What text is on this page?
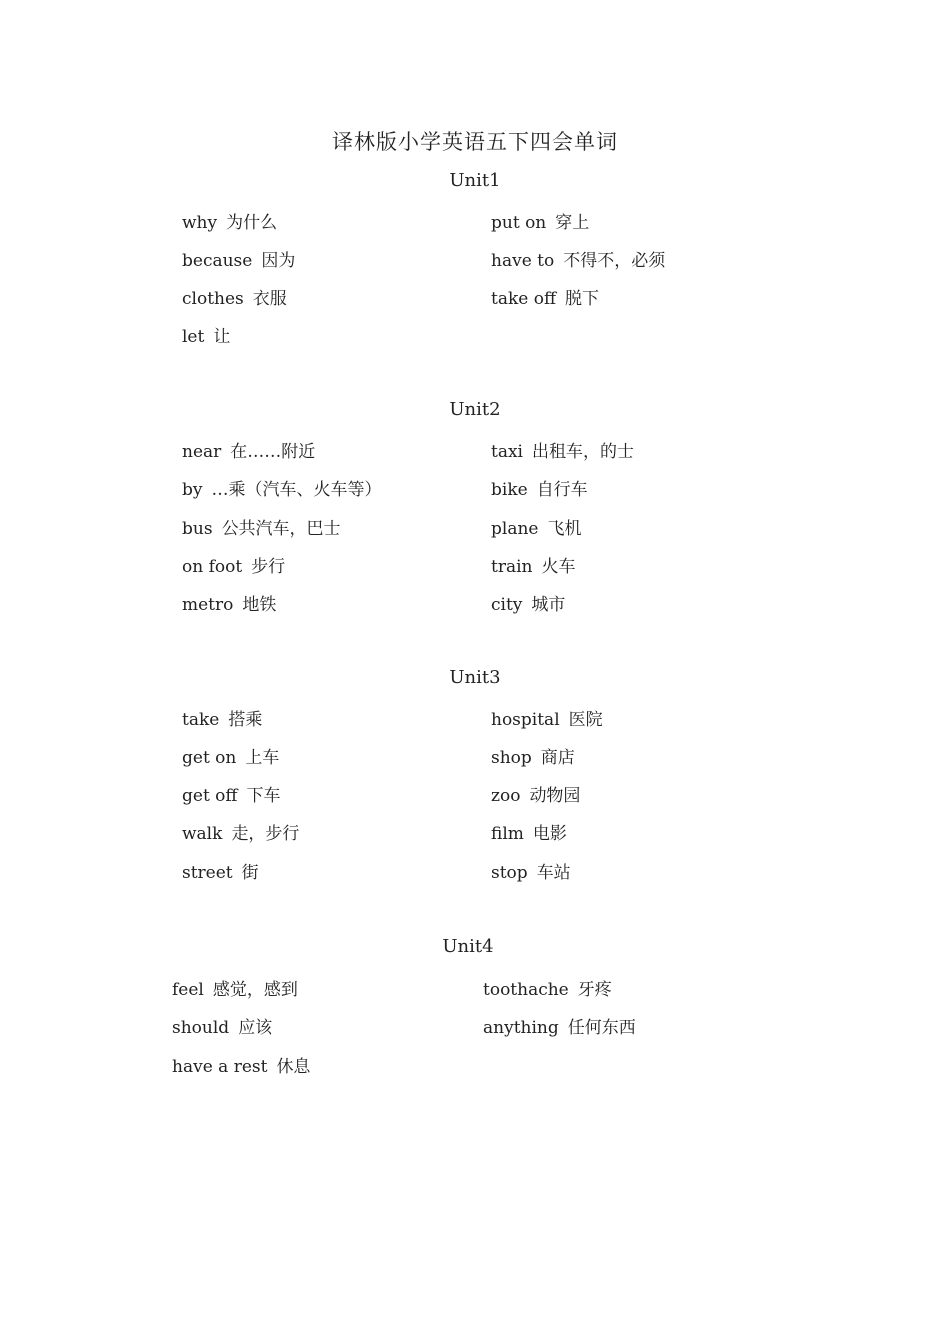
译林版小学英语五下四会单词
Unit1
why 为什么
because 因为
clothes 衣服
let 让
put on 穿上
have to 不得不，必须
take off 脱下
Unit2
near 在……附近
by …乘（汽车、火车等）
bus 公共汽车，巴士
on foot 步行
metro 地铁
taxi 出租车，的士
bike 自行车
plane 飞机
train 火车
city 城市
Unit3
take 搭乘
get on 上车
get off 下车
walk 走，步行
street 街
hospital 医院
shop 商店
zoo 动物园
film 电影
stop 车站
Unit4
feel 感觉，感到
should 应该
have a rest 休息
toothache 牙疼
anything 任何东西
